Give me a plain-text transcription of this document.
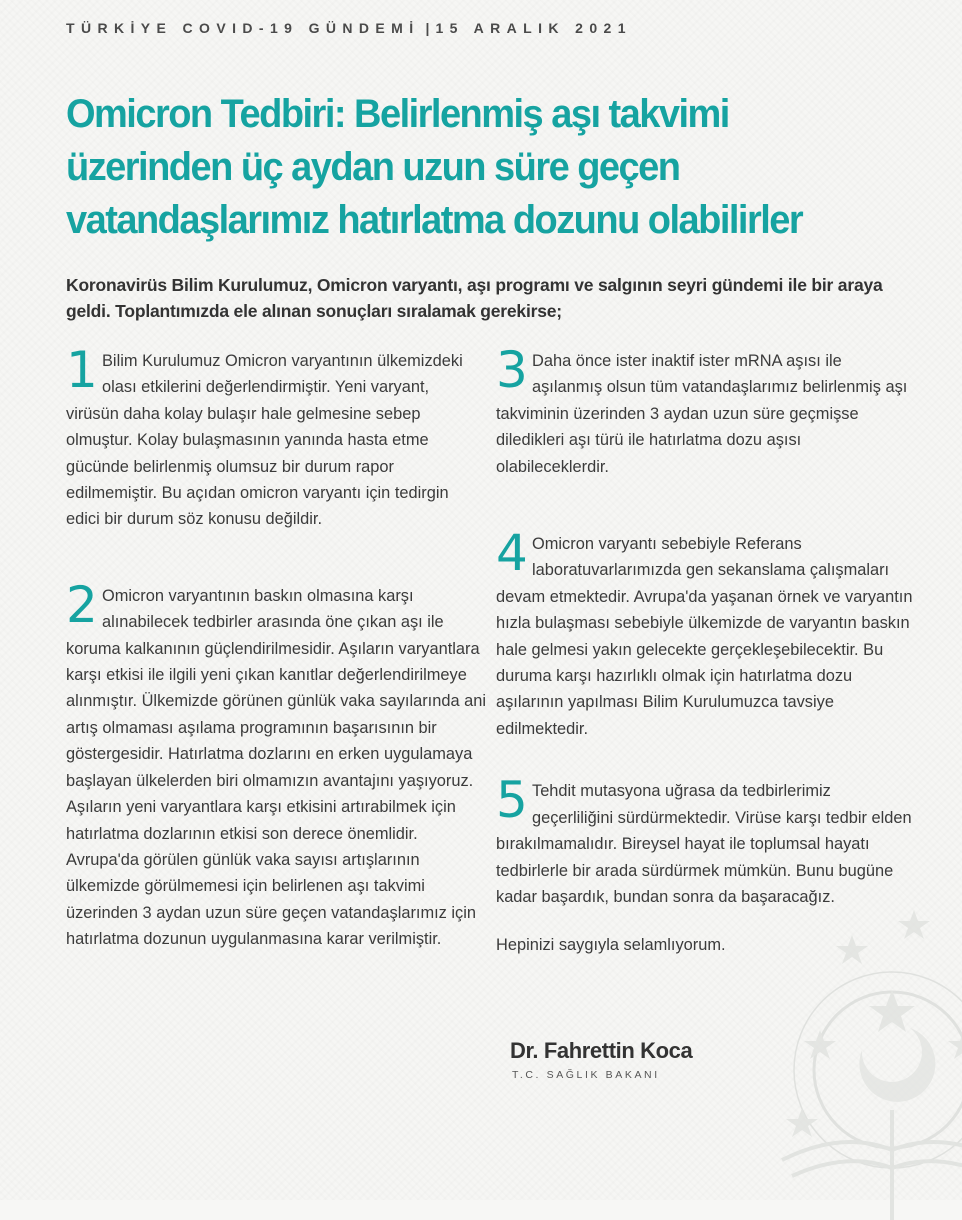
TÜRKİYE COVID-19 GÜNDEMİ | 15 ARALIK 2021
Omicron Tedbiri: Belirlenmiş aşı takvimi üzerinden üç aydan uzun süre geçen vatandaşlarımız hatırlatma dozunu olabilirler
Koronavirüs Bilim Kurulumuz, Omicron varyantı, aşı programı ve salgının seyri gündemi ile bir araya geldi. Toplantımızda ele alınan sonuçları sıralamak gerekirse;
1 Bilim Kurulumuz Omicron varyantının ülkemizdeki olası etkilerini değerlendirmiştir. Yeni varyant, virüsün daha kolay bulaşır hale gelmesine sebep olmuştur. Kolay bulaşmasının yanında hasta etme gücünde belirlenmiş olumsuz bir durum rapor edilmemiştir. Bu açıdan omicron varyantı için tedirgin edici bir durum söz konusu değildir.
2 Omicron varyantının baskın olmasına karşı alınabilecek tedbirler arasında öne çıkan aşı ile koruma kalkanının güçlendirilmesidir. Aşıların varyantlara karşı etkisi ile ilgili yeni çıkan kanıtlar değerlendirilmeye alınmıştır. Ülkemizde görünen günlük vaka sayılarında ani artış olmaması aşılama programının başarısının bir göstergesidir. Hatırlatma dozlarını en erken uygulamaya başlayan ülkelerden biri olmamızın avantajını yaşıyoruz. Aşıların yeni varyantlara karşı etkisini artırabilmek için hatırlatma dozlarının etkisi son derece önemlidir. Avrupa'da görülen günlük vaka sayısı artışlarının ülkemizde görülmemesi için belirlenen aşı takvimi üzerinden 3 aydan uzun süre geçen vatandaşlarımız için hatırlatma dozunun uygulanmasına karar verilmiştir.
3 Daha önce ister inaktif ister mRNA aşısı ile aşılanmış olsun tüm vatandaşlarımız belirlenmiş aşı takviminin üzerinden 3 aydan uzun süre geçmişse diledikleri aşı türü ile hatırlatma dozu aşısı olabileceklerdir.
4 Omicron varyantı sebebiyle Referans laboratuvarlarımızda gen sekanslama çalışmaları devam etmektedir. Avrupa'da yaşanan örnek ve varyantın hızla bulaşması sebebiyle ülkemizde de varyantın baskın hale gelmesi yakın gelecekte gerçekleşebilecektir. Bu duruma karşı hazırlıklı olmak için hatırlatma dozu aşılarının yapılması Bilim Kurulumuzca tavsiye edilmektedir.
5 Tehdit mutasyona uğrasa da tedbirlerimiz geçerliliğini sürdürmektedir. Virüse karşı tedbir elden bırakılmamalıdır. Bireysel hayat ile toplumsal hayatı tedbirlerle bir arada sürdürmek mümkün. Bunu bugüne kadar başardık, bundan sonra da başaracağız.
Hepinizi saygıyla selamlıyorum.
Dr. Fahrettin Koca
T.C. SAĞLIK BAKANI
